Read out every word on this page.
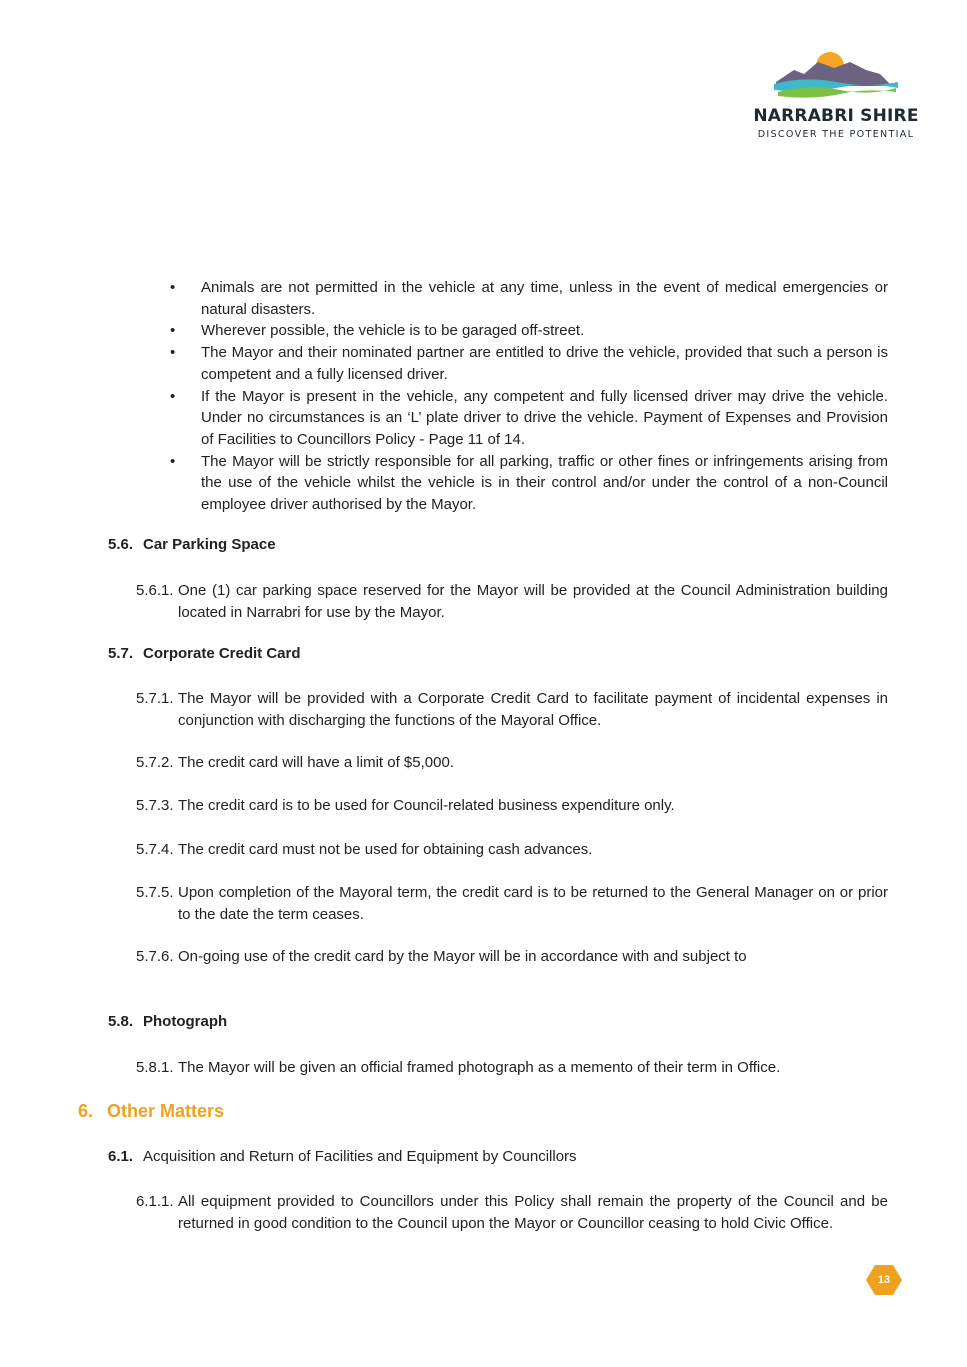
NARRABRI SHIRE
DISCOVER THE POTENTIAL
• Animals are not permitted in the vehicle at any time, unless in the event of medical emergencies or natural disasters.
• Wherever possible, the vehicle is to be garaged off-street.
• The Mayor and their nominated partner are entitled to drive the vehicle, provided that such a person is competent and a fully licensed driver.
• If the Mayor is present in the vehicle, any competent and fully licensed driver may drive the vehicle. Under no circumstances is an ‘L’ plate driver to drive the vehicle. Payment of Expenses and Provision of Facilities to Councillors Policy - Page 11 of 14.
• The Mayor will be strictly responsible for all parking, traffic or other fines or infringements arising from the use of the vehicle whilst the vehicle is in their control and/or under the control of a non-Council employee driver authorised by the Mayor.
5.6. Car Parking Space
5.6.1. One (1) car parking space reserved for the Mayor will be provided at the Council Administration building located in Narrabri for use by the Mayor.
5.7. Corporate Credit Card
5.7.1. The Mayor will be provided with a Corporate Credit Card to facilitate payment of incidental expenses in conjunction with discharging the functions of the Mayoral Office.
5.7.2. The credit card will have a limit of $5,000.
5.7.3. The credit card is to be used for Council-related business expenditure only.
5.7.4. The credit card must not be used for obtaining cash advances.
5.7.5. Upon completion of the Mayoral term, the credit card is to be returned to the General Manager on or prior to the date the term ceases.
5.7.6. On-going use of the credit card by the Mayor will be in accordance with and subject to
5.8. Photograph
5.8.1. The Mayor will be given an official framed photograph as a memento of their term in Office.
6. Other Matters
6.1. Acquisition and Return of Facilities and Equipment by Councillors
6.1.1. All equipment provided to Councillors under this Policy shall remain the property of the Council and be returned in good condition to the Council upon the Mayor or Councillor ceasing to hold Civic Office.
13
